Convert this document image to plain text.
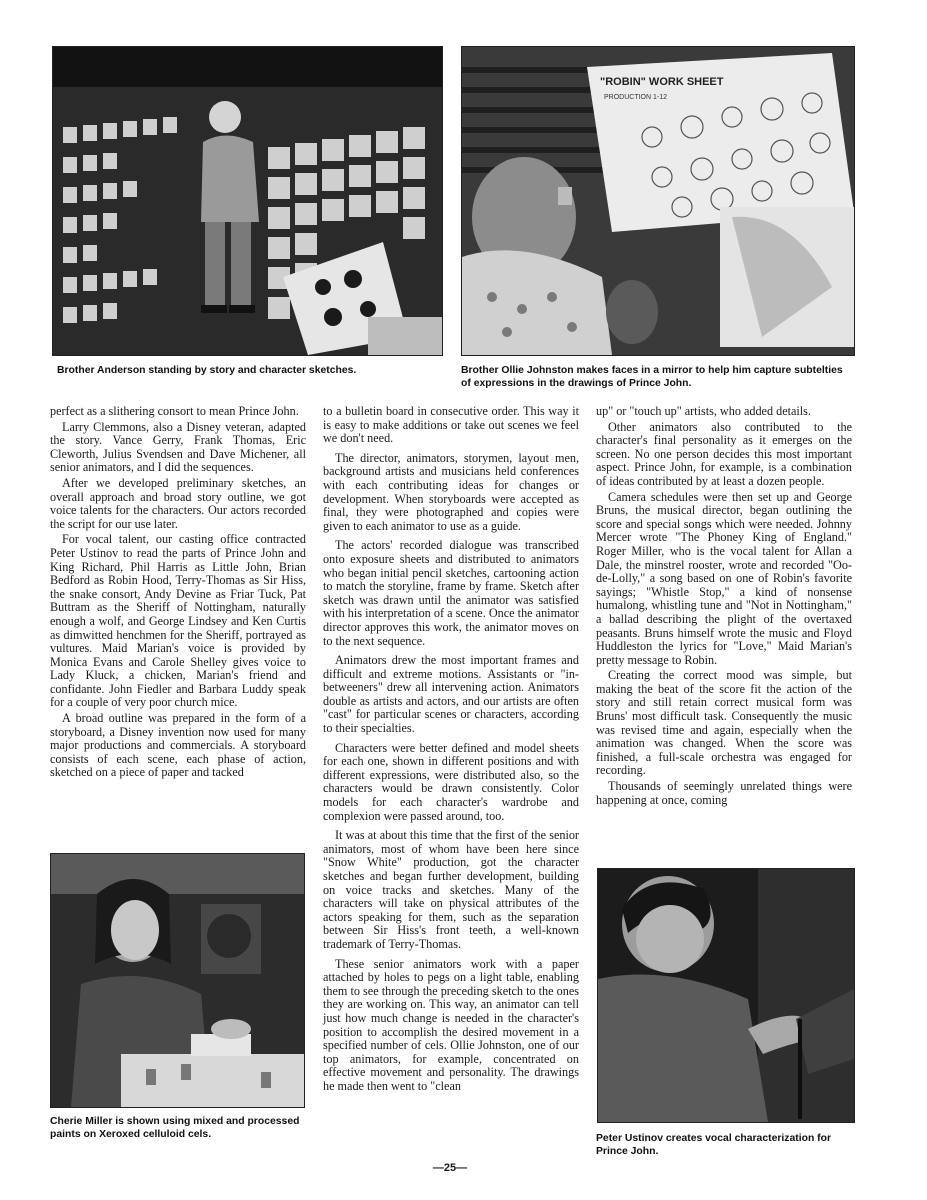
Brother Anderson standing by story and character sketches.
"ROBIN" WORK SHEET
PRODUCTION 1-12
Brother Ollie Johnston makes faces in a mirror to help him capture subtelties of expressions in the drawings of Prince John.

perfect as a slithering consort to mean Prince John.

Larry Clemmons, also a Disney veteran, adapted the story. Vance Gerry, Frank Thomas, Eric Cleworth, Julius Svendsen and Dave Michener, all senior animators, and I did the sequences.

After we developed preliminary sketches, an overall approach and broad story outline, we got voice talents for the characters. Our actors recorded the script for our use later.

For vocal talent, our casting office contracted Peter Ustinov to read the parts of Prince John and King Richard, Phil Harris as Little John, Brian Bedford as Robin Hood, Terry-Thomas as Sir Hiss, the snake consort, Andy Devine as Friar Tuck, Pat Buttram as the Sheriff of Nottingham, naturally enough a wolf, and George Lindsey and Ken Curtis as dimwitted henchmen for the Sheriff, portrayed as vultures. Maid Marian's voice is provided by Monica Evans and Carole Shelley gives voice to Lady Kluck, a chicken, Marian's friend and confidante. John Fiedler and Barbara Luddy speak for a couple of very poor church mice.

A broad outline was prepared in the form of a storyboard, a Disney invention now used for many major productions and commercials. A storyboard consists of each scene, each phase of action, sketched on a piece of paper and tacked

Cherie Miller is shown using mixed and processed paints on Xeroxed celluloid cels.

to a bulletin board in consecutive order. This way it is easy to make additions or take out scenes we feel we don't need.

The director, animators, storymen, layout men, background artists and musicians held conferences with each contributing ideas for changes or development. When storyboards were accepted as final, they were photographed and copies were given to each animator to use as a guide.

The actors' recorded dialogue was transcribed onto exposure sheets and distributed to animators who began initial pencil sketches, cartooning action to match the storyline, frame by frame. Sketch after sketch was drawn until the animator was satisfied with his interpretation of a scene. Once the animator director approves this work, the animator moves on to the next sequence.

Animators drew the most important frames and difficult and extreme motions. Assistants or "in-betweeners" drew all intervening action. Animators double as artists and actors, and our artists are often "cast" for particular scenes or characters, according to their specialties.

Characters were better defined and model sheets for each one, shown in different positions and with different expressions, were distributed also, so the characters would be drawn consistently. Color models for each character's wardrobe and complexion were passed around, too.

It was at about this time that the first of the senior animators, most of whom have been here since "Snow White" production, got the character sketches and began further development, building on voice tracks and sketches. Many of the characters will take on physical attributes of the actors speaking for them, such as the separation between Sir Hiss's front teeth, a well-known trademark of Terry-Thomas.

These senior animators work with a paper attached by holes to pegs on a light table, enabling them to see through the preceding sketch to the ones they are working on. This way, an animator can tell just how much change is needed in the character's position to accomplish the desired movement in a specified number of cels. Ollie Johnston, one of our top animators, for example, concentrated on effective movement and personality. The drawings he made then went to "clean

up" or "touch up" artists, who added details.

Other animators also contributed to the character's final personality as it emerges on the screen. No one person decides this most important aspect. Prince John, for example, is a combination of ideas contributed by at least a dozen people.

Camera schedules were then set up and George Bruns, the musical director, began outlining the score and special songs which were needed. Johnny Mercer wrote "The Phoney King of England." Roger Miller, who is the vocal talent for Allan a Dale, the minstrel rooster, wrote and recorded "Oo-de-Lolly," a song based on one of Robin's favorite sayings; "Whistle Stop," a kind of nonsense humalong, whistling tune and "Not in Nottingham," a ballad describing the plight of the overtaxed peasants. Bruns himself wrote the music and Floyd Huddleston the lyrics for "Love," Maid Marian's pretty message to Robin.

Creating the correct mood was simple, but making the beat of the score fit the action of the story and still retain correct musical form was Bruns' most difficult task. Consequently the music was revised time and again, especially when the animation was changed. When the score was finished, a full-scale orchestra was engaged for recording.

Thousands of seemingly unrelated things were happening at once, coming

Peter Ustinov creates vocal characterization for Prince John.
—25—
